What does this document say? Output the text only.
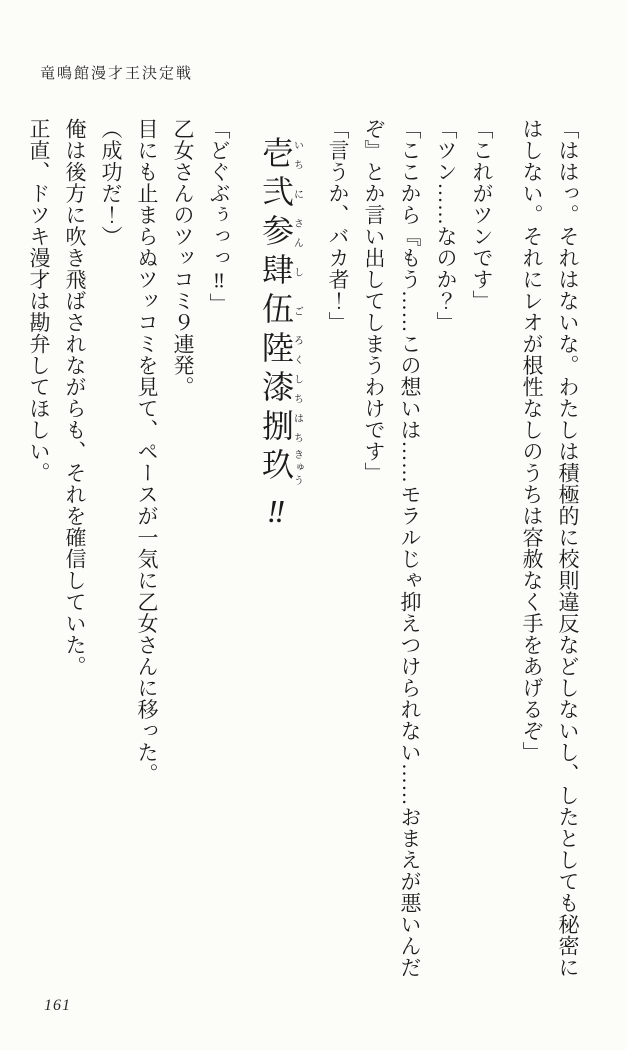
竜鳴館漫才王決定戦
「ははっ。それはないな。わたしは積極的に校則違反などしないし、したとしても秘密に
はしない。それにレオが根性なしのうちは容赦なく手をあげるぞ」
「これがツンです」
「ツン……なのか？」
「ここから『もう……この想いは……モラルじゃ抑えつけられない……おまえが悪いんだ
ぞ』とか言い出してしまうわけです」
「言うか、バカ者！」
壱いち弐に参さん肆し伍ご陸ろく漆しち捌はち玖きゅう‼
「どぐぶぅっっ‼」
乙女さんのツッコミ９連発。
目にも止まらぬツッコミを見て、ペースが一気に乙女さんに移った。
（成功だ！）
俺は後方に吹き飛ばされながらも、それを確信していた。
正直、ドツキ漫才は勘弁してほしい。
161
